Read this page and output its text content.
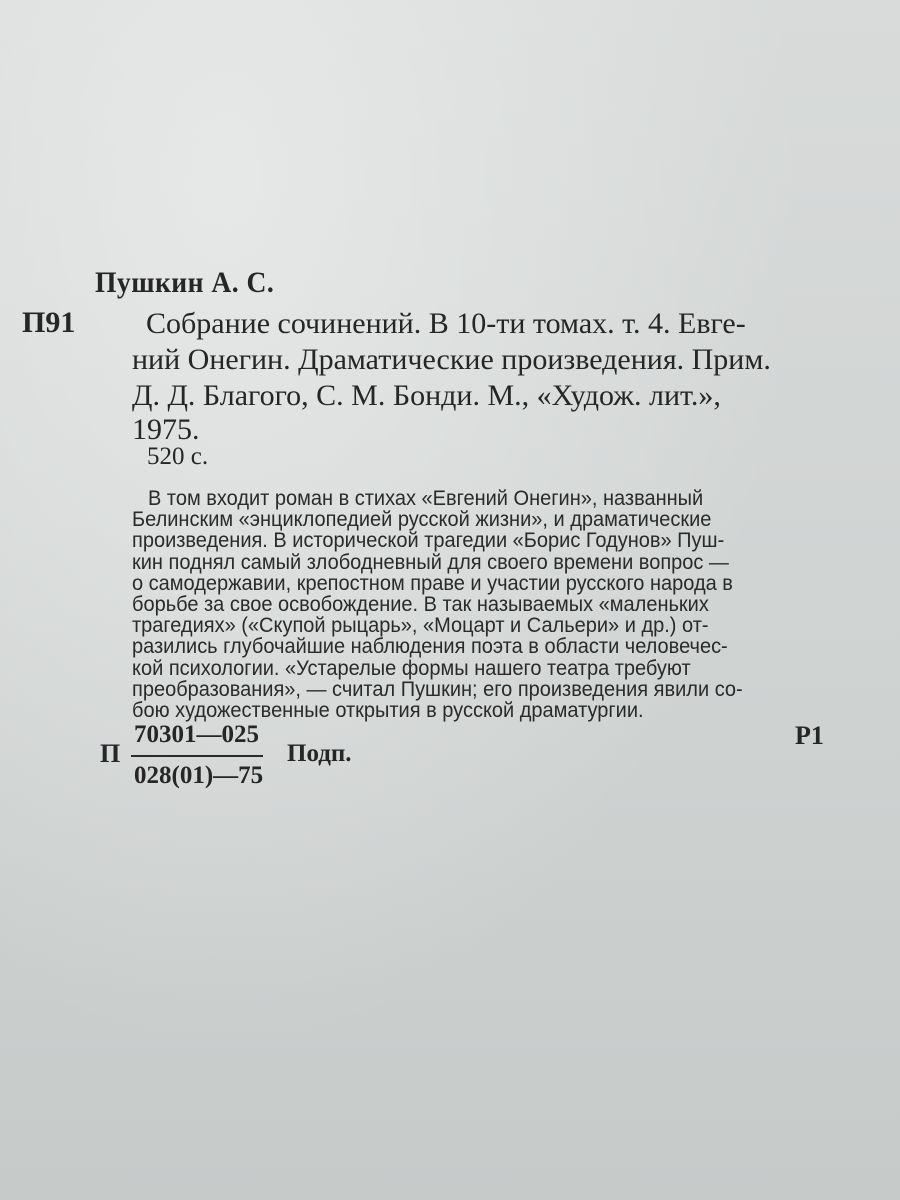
Пушкин А. С.
П91 Собрание сочинений. В 10-ти томах. т. 4. Евге-
ний Онегин. Драматические произведения. Прим.
Д. Д. Благого, С. М. Бонди. М., «Худож. лит.»,
1975.
520 с.
В том входит роман в стихах «Евгений Онегин», названный
Белинским «энциклопедией русской жизни», и драматические
произведения. В исторической трагедии «Борис Годунов» Пуш-
кин поднял самый злободневный для своего времени вопрос —
о самодержавии, крепостном праве и участии русского народа в
борьбе за свое освобождение. В так называемых «маленьких
трагедиях» («Скупой рыцарь», «Моцарт и Сальери» и др.) от-
разились глубочайшие наблюдения поэта в области человечес-
кой психологии. «Устарелые формы нашего театра требуют
преобразования», — считал Пушкин; его произведения явили со-
бою художественные открытия в русской драматургии.
П
70301—025
028(01)—75
Подп.
Р1
